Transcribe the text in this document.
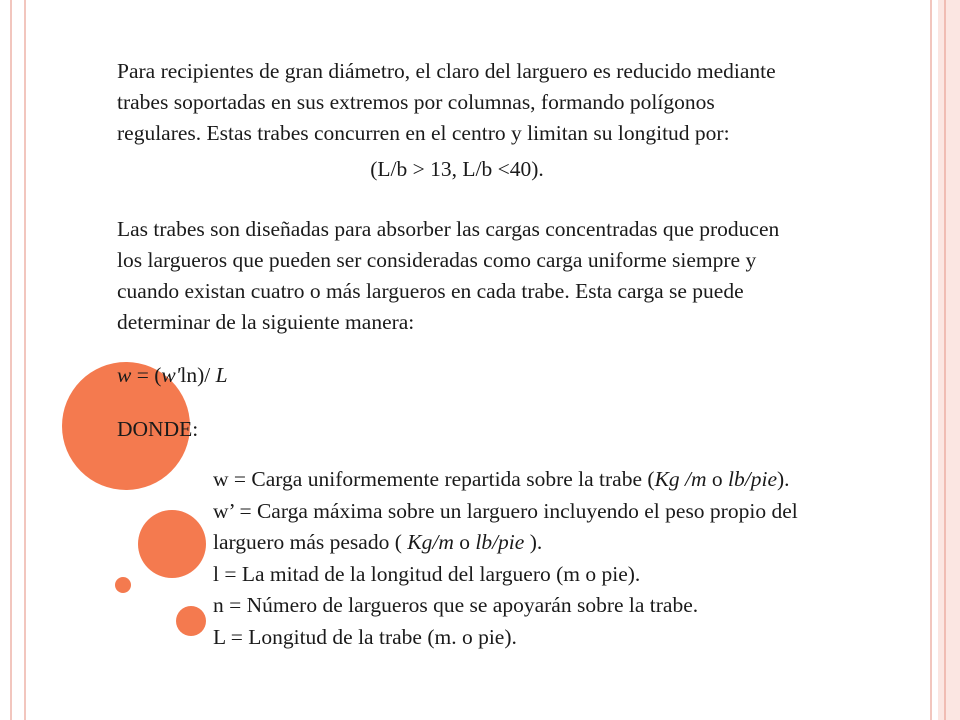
Para recipientes de gran diámetro, el claro del larguero es reducido mediante
trabes soportadas en sus extremos por columnas, formando polígonos
regulares. Estas trabes concurren en el centro y limitan su longitud por:
(L/b > 13, L/b <40).
Las trabes son diseñadas para absorber las cargas concentradas que producen
los largueros que pueden ser consideradas como carga uniforme siempre y
cuando existan cuatro o más largueros en cada trabe. Esta carga se puede
determinar de la siguiente manera:
w = (w'ln)/ L
DONDE:
w = Carga uniformemente repartida sobre la trabe (Kg /m o lb/pie).
w’ = Carga máxima sobre un larguero incluyendo el peso propio del
larguero más pesado ( Kg/m o lb/pie ).
l = La mitad de la longitud del larguero (m o pie).
n = Número de largueros que se apoyarán sobre la trabe.
L = Longitud de la trabe (m. o pie).
